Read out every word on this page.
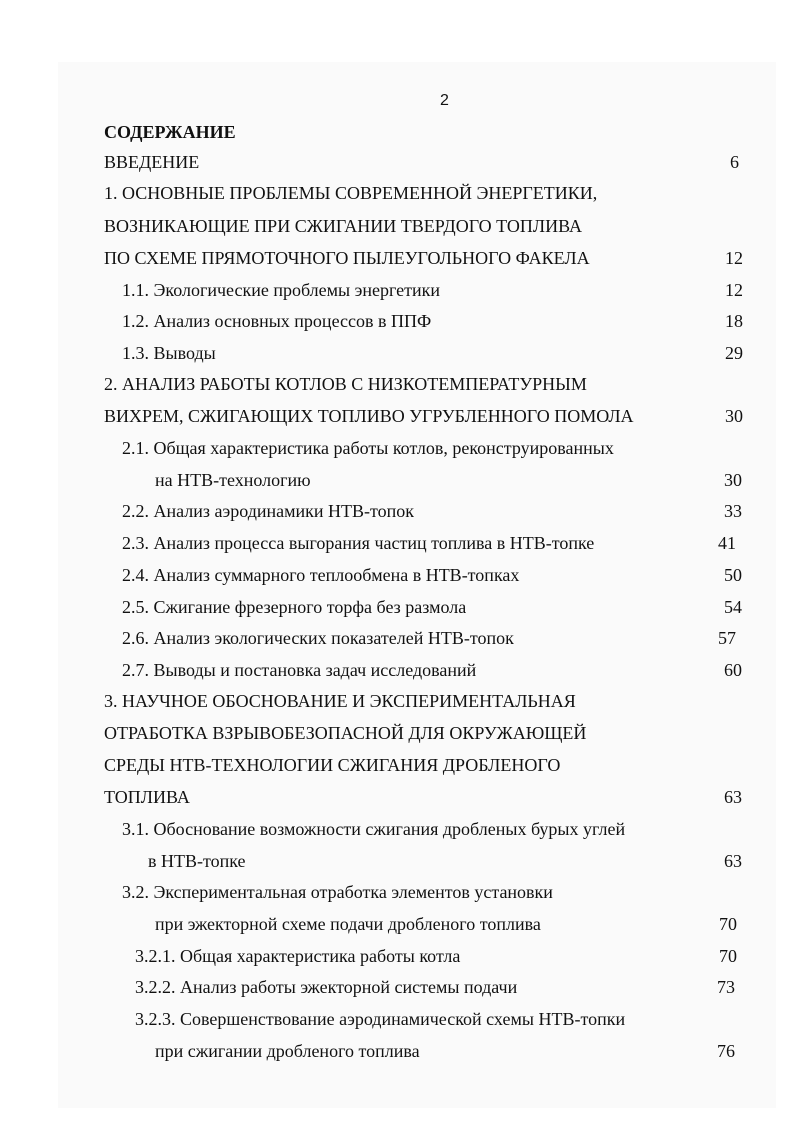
2
СОДЕРЖАНИЕ
ВВЕДЕНИЕ	6
1. ОСНОВНЫЕ ПРОБЛЕМЫ СОВРЕМЕННОЙ ЭНЕРГЕТИКИ,
ВОЗНИКАЮЩИЕ ПРИ СЖИГАНИИ ТВЕРДОГО ТОПЛИВА
ПО СХЕМЕ ПРЯМОТОЧНОГО ПЫЛЕУГОЛЬНОГО ФАКЕЛА	12
1.1. Экологические проблемы энергетики	12
1.2. Анализ основных процессов в ППФ	18
1.3. Выводы	29
2. АНАЛИЗ РАБОТЫ КОТЛОВ С НИЗКОТЕМПЕРАТУРНЫМ
ВИХРЕМ, СЖИГАЮЩИХ ТОПЛИВО УГРУБЛЕННОГО ПОМОЛА	30
2.1. Общая характеристика работы котлов, реконструированных
на НТВ-технологию	30
2.2. Анализ аэродинамики НТВ-топок	33
2.3. Анализ процесса выгорания частиц топлива в НТВ-топке	41
2.4. Анализ суммарного теплообмена в НТВ-топках	50
2.5. Сжигание фрезерного торфа без размола	54
2.6. Анализ экологических показателей НТВ-топок	57
2.7. Выводы и постановка задач исследований	60
3. НАУЧНОЕ ОБОСНОВАНИЕ И ЭКСПЕРИМЕНТАЛЬНАЯ
ОТРАБОТКА ВЗРЫВОБЕЗОПАСНОЙ ДЛЯ ОКРУЖАЮЩЕЙ
СРЕДЫ НТВ-ТЕХНОЛОГИИ СЖИГАНИЯ ДРОБЛЕНОГО
ТОПЛИВА	63
3.1. Обоснование возможности сжигания дробленых бурых углей
в НТВ-топке	63
3.2. Экспериментальная отработка элементов установки
при эжекторной схеме подачи дробленого топлива	70
3.2.1. Общая характеристика работы котла	70
3.2.2. Анализ работы эжекторной системы подачи	73
3.2.3. Совершенствование аэродинамической схемы НТВ-топки
при сжигании дробленого топлива	76
